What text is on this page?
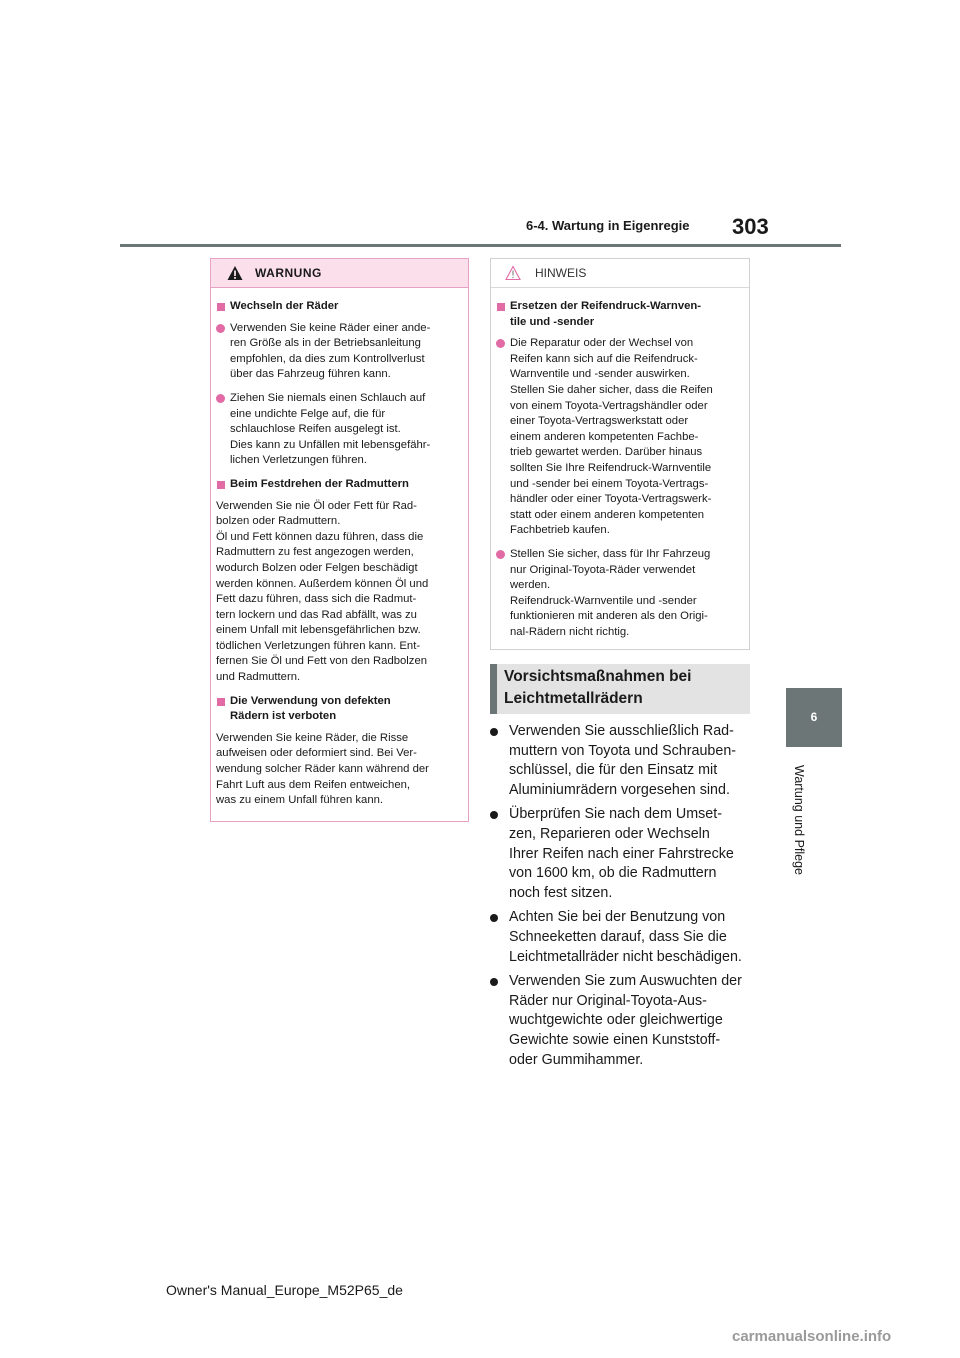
6-4. Wartung in Eigenregie 303
6
Wartung und Pflege
WARNUNG
Wechseln der Räder
Verwenden Sie keine Räder einer ande-
ren Größe als in der Betriebsanleitung
empfohlen, da dies zum Kontrollverlust
über das Fahrzeug führen kann.
Ziehen Sie niemals einen Schlauch auf
eine undichte Felge auf, die für
schlauchlose Reifen ausgelegt ist.
Dies kann zu Unfällen mit lebensgefähr-
lichen Verletzungen führen.
Beim Festdrehen der Radmuttern
Verwenden Sie nie Öl oder Fett für Rad-
bolzen oder Radmuttern.
Öl und Fett können dazu führen, dass die
Radmuttern zu fest angezogen werden,
wodurch Bolzen oder Felgen beschädigt
werden können. Außerdem können Öl und
Fett dazu führen, dass sich die Radmut-
tern lockern und das Rad abfällt, was zu
einem Unfall mit lebensgefährlichen bzw.
tödlichen Verletzungen führen kann. Ent-
fernen Sie Öl und Fett von den Radbolzen
und Radmuttern.
Die Verwendung von defekten
Rädern ist verboten
Verwenden Sie keine Räder, die Risse
aufweisen oder deformiert sind. Bei Ver-
wendung solcher Räder kann während der
Fahrt Luft aus dem Reifen entweichen,
was zu einem Unfall führen kann.
HINWEIS
Ersetzen der Reifendruck-Warnven-
tile und -sender
Die Reparatur oder der Wechsel von
Reifen kann sich auf die Reifendruck-
Warnventile und -sender auswirken.
Stellen Sie daher sicher, dass die Reifen
von einem Toyota-Vertragshändler oder
einer Toyota-Vertragswerkstatt oder
einem anderen kompetenten Fachbe-
trieb gewartet werden. Darüber hinaus
sollten Sie Ihre Reifendruck-Warnventile
und -sender bei einem Toyota-Vertrags-
händler oder einer Toyota-Vertragswerk-
statt oder einem anderen kompetenten
Fachbetrieb kaufen.
Stellen Sie sicher, dass für Ihr Fahrzeug
nur Original-Toyota-Räder verwendet
werden.
Reifendruck-Warnventile und -sender
funktionieren mit anderen als den Origi-
nal-Rädern nicht richtig.
Vorsichtsmaßnahmen bei
Leichtmetallrädern
Verwenden Sie ausschließlich Rad-
muttern von Toyota und Schrauben-
schlüssel, die für den Einsatz mit
Aluminiumrädern vorgesehen sind.
Überprüfen Sie nach dem Umset-
zen, Reparieren oder Wechseln
Ihrer Reifen nach einer Fahrstrecke
von 1600 km, ob die Radmuttern
noch fest sitzen.
Achten Sie bei der Benutzung von
Schneeketten darauf, dass Sie die
Leichtmetallräder nicht beschädigen.
Verwenden Sie zum Auswuchten der
Räder nur Original-Toyota-Aus-
wuchtgewichte oder gleichwertige
Gewichte sowie einen Kunststoff-
oder Gummihammer.
Owner's Manual_Europe_M52P65_de
carmanualsonline.info
